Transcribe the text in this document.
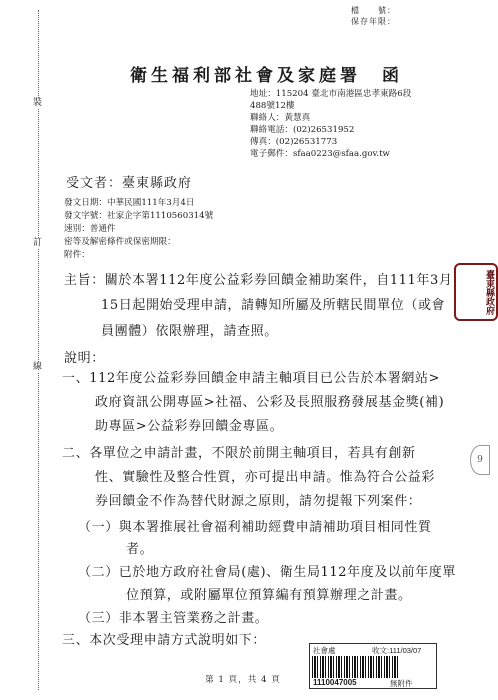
裝
訂
線
檔　　號：
保存年限：
衛生福利部社會及家庭署　函
地址：115204 臺北市南港區忠孝東路6段
488號12樓
聯絡人：黃慧真
聯絡電話：(02)26531952
傳真：(02)26531773
電子郵件：sfaa0223@sfaa.gov.tw
受文者：臺東縣政府
發文日期：中華民國111年3月4日
發文字號：社家企字第1110560314號
速別：普通件
密等及解密條件或保密期限：
附件：
主旨：關於本署112年度公益彩券回饋金補助案件，自111年3月
15日起開始受理申請，請轉知所屬及所轄民間單位（或會
員團體）依限辦理，請查照。
說明：
一、112年度公益彩券回饋金申請主軸項目已公告於本署網站>
政府資訊公開專區>社福、公彩及長照服務發展基金獎(補)
助專區>公益彩券回饋金專區。
二、各單位之申請計畫，不限於前開主軸項目，若具有創新
性、實驗性及整合性質，亦可提出申請。惟為符合公益彩
券回饋金不作為替代財源之原則，請勿提報下列案件：
（一）與本署推展社會福利補助經費申請補助項目相同性質
者。
（二）已於地方政府社會局(處)、衛生局112年度及以前年度單
位預算，或附屬單位預算編有預算辦理之計畫。
（三）非本署主管業務之計畫。
三、本次受理申請方式說明如下：
臺東縣政府
9
第 1 頁，共 4 頁
社會處	收文:111/03/07
1110047005	無附件
